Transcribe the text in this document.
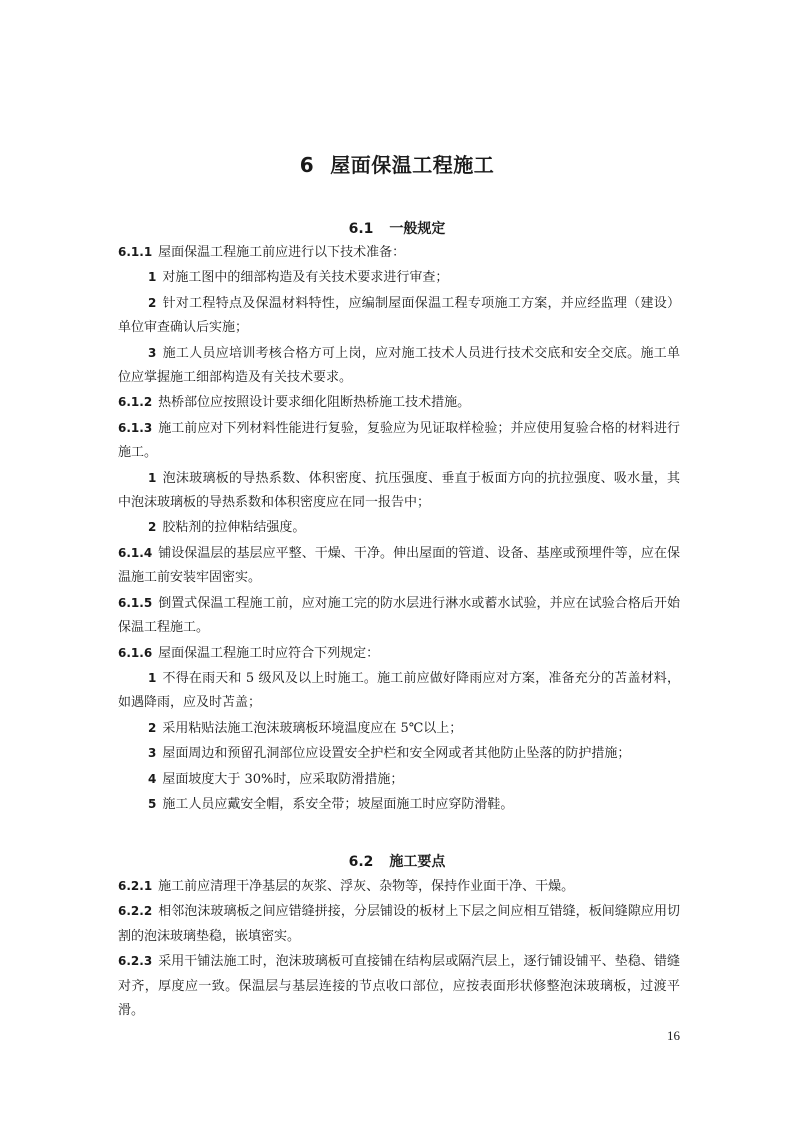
6 屋面保温工程施工
6.1 一般规定

6.1.1 屋面保温工程施工前应进行以下技术准备：

1 对施工图中的细部构造及有关技术要求进行审查；

2 针对工程特点及保温材料特性，应编制屋面保温工程专项施工方案，并应经监理（建设）单位审查确认后实施；

3 施工人员应培训考核合格方可上岗，应对施工技术人员进行技术交底和安全交底。施工单位应掌握施工细部构造及有关技术要求。

6.1.2 热桥部位应按照设计要求细化阻断热桥施工技术措施。

6.1.3 施工前应对下列材料性能进行复验，复验应为见证取样检验；并应使用复验合格的材料进行施工。

1 泡沫玻璃板的导热系数、体积密度、抗压强度、垂直于板面方向的抗拉强度、吸水量，其中泡沫玻璃板的导热系数和体积密度应在同一报告中；

2 胶粘剂的拉伸粘结强度。

6.1.4 铺设保温层的基层应平整、干燥、干净。伸出屋面的管道、设备、基座或预埋件等，应在保温施工前安装牢固密实。

6.1.5 倒置式保温工程施工前，应对施工完的防水层进行淋水或蓄水试验，并应在试验合格后开始保温工程施工。

6.1.6 屋面保温工程施工时应符合下列规定：

1 不得在雨天和 5 级风及以上时施工。施工前应做好降雨应对方案，准备充分的苫盖材料，如遇降雨，应及时苫盖；

2 采用粘贴法施工泡沫玻璃板环境温度应在 5℃以上；

3 屋面周边和预留孔洞部位应设置安全护栏和安全网或者其他防止坠落的防护措施；

4 屋面坡度大于 30%时，应采取防滑措施；

5 施工人员应戴安全帽，系安全带；坡屋面施工时应穿防滑鞋。

6.2 施工要点

6.2.1 施工前应清理干净基层的灰浆、浮灰、杂物等，保持作业面干净、干燥。

6.2.2 相邻泡沫玻璃板之间应错缝拼接，分层铺设的板材上下层之间应相互错缝，板间缝隙应用切割的泡沫玻璃垫稳，嵌填密实。

6.2.3 采用干铺法施工时，泡沫玻璃板可直接铺在结构层或隔汽层上，逐行铺设铺平、垫稳、错缝对齐，厚度应一致。保温层与基层连接的节点收口部位，应按表面形状修整泡沫玻璃板，过渡平滑。

16
